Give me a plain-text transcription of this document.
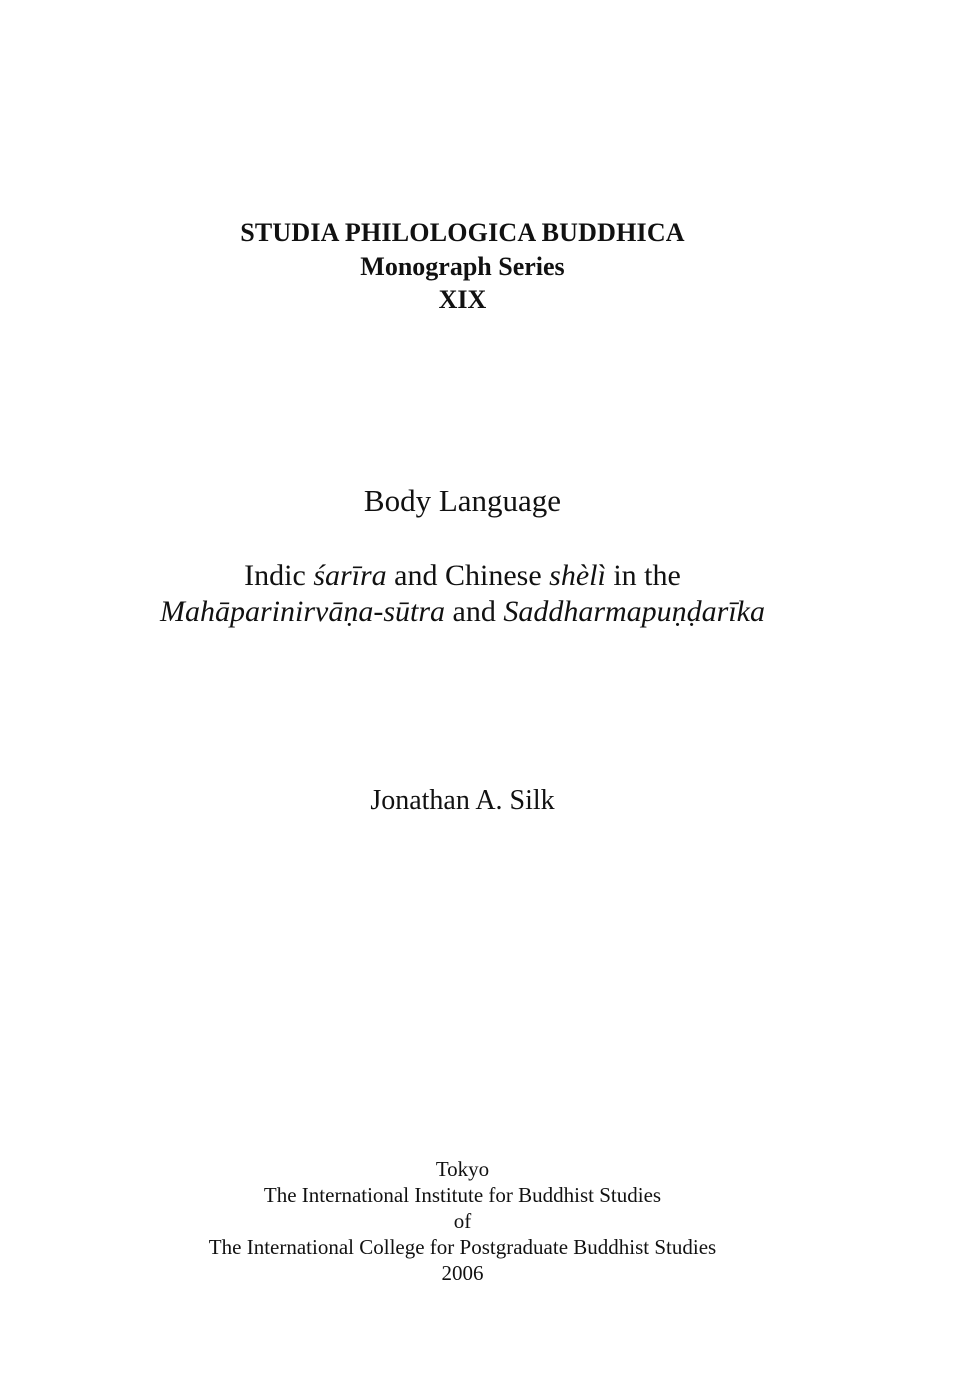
STUDIA PHILOLOGICA BUDDHICA
Monograph Series
XIX
Body Language
Indic śarīra and Chinese shèlì in the
Mahāparinirvāṇa-sūtra and Saddharmapuṇḍarīka
Jonathan A. Silk
Tokyo
The International Institute for Buddhist Studies
of
The International College for Postgraduate Buddhist Studies
2006
